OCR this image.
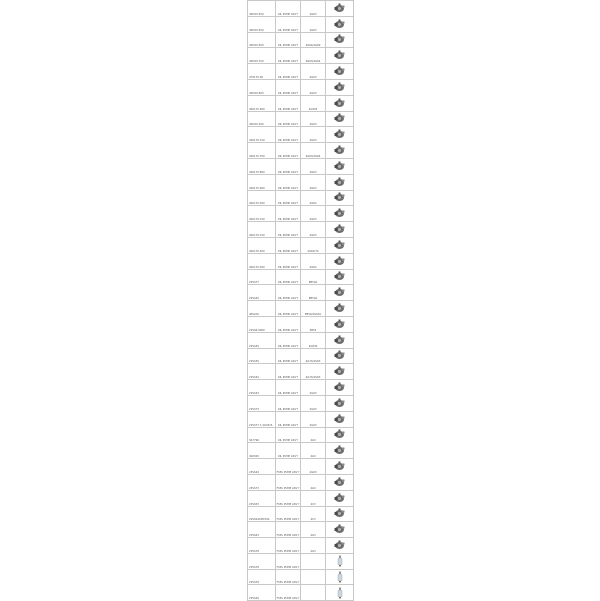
4SM10.500	OIL PUMP ASS'Y	4G63	

4SM10.500	OIL PUMP ASS'Y	4G63	

4SM10.500	OIL PUMP ASS'Y	4G64/4G69	

4SM10.700	OIL PUMP ASS'Y	4G63/4G64	

479170.00	OIL PUMP ASS'Y	4G93	

4SM10.800	OIL PUMP ASS'Y	4G93	

4S0170.900	OIL PUMP ASS'Y	4G993	

4SM10.300	OIL PUMP ASS'Y	4G93	

4S0170.310	OIL PUMP ASS'Y	4G93	

4S0170.700	OIL PUMP ASS'Y	4G63/4G64	

4S0170.800	OIL PUMP ASS'Y	4G63	

4S0170.900	OIL PUMP ASS'Y	4G63	

4S0170.300	OIL PUMP ASS'Y	4G64	

4S0170.310	OIL PUMP ASS'Y	4G63	

4S0170.310	OIL PUMP ASS'Y	4G63	

4S0170.500	OIL PUMP ASS'Y	4G63/74	

4S0170.300	OIL PUMP ASS'Y	4G64	

23SS77	OIL PUMP ASS'Y	EB50A	

23SS3A	OIL PUMP ASS'Y	EB50A	

4PS2A0	OIL PUMP ASS'Y	EB50/4G63A	

23SS6.9000	OIL PUMP ASS'Y	4B54	

23SS3S	OIL PUMP ASS'Y	4G63S	

23SS3S	OIL PUMP ASS'Y	4G74/4G63	

23SS3A	OIL PUMP ASS'Y	4G74/4G63	

23SS33	OIL PUMP ASS'Y	4G93	

23SS73	OIL PUMP ASS'Y	4G93	

23SS77.7.4G3315	OIL PUMP ASS'Y	4G93	

SS7796	OIL PUMP ASS'Y	4G3	

4S0SS5	OIL PUMP ASS'Y	4G3	

23SS44	FUEL PUMP ASS'Y	4G63	

23SS73	FUEL PUMP ASS'Y	4G3	

23SS53	FUEL PUMP ASS'Y	4C3	

2SSSS4S3M3SS	FUEL PUMP ASS'Y	4C3	

23SS43	FUEL PUMP ASS'Y	4G3	

23SS78	FUEL PUMP ASS'Y	4G3	

23SS78	FUEL PUMP ASS'Y		

23SS78	FUEL PUMP ASS'Y		

23SS4S	FUEL PUMP ASS'Y		
